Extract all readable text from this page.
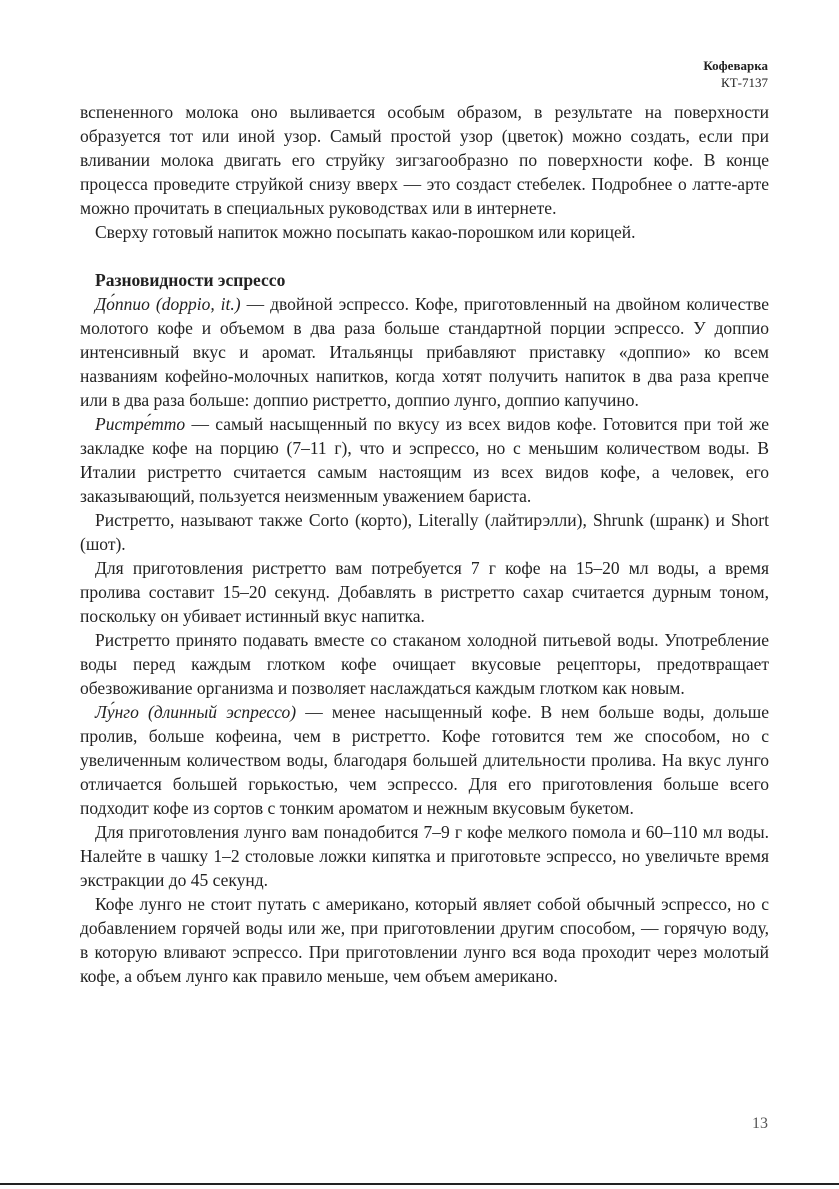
Кофеварка
КТ-7137

вспененного молока оно выливается особым образом, в результате на поверхности образуется тот или иной узор. Самый простой узор (цветок) можно создать, если при вливании молока двигать его струйку зигзагообразно по поверхности кофе. В конце процесса проведите струйкой снизу вверх — это создаст стебелек. Подробнее о латте-арте можно прочитать в специальных руководствах или в интернете.

Сверху готовый напиток можно посыпать какао-порошком или корицей.

Разновидности эспрессо

До́ппио (doppio, it.) — двойной эспрессо. Кофе, приготовленный на двойном количестве молотого кофе и объемом в два раза больше стандартной порции эспрессо. У доппио интенсивный вкус и аромат. Итальянцы прибавляют приставку «доппио» ко всем названиям кофейно-молочных напитков, когда хотят получить напиток в два раза крепче или в два раза больше: доппио ристретто, доппио лунго, доппио капучино.

Ристре́тто — самый насыщенный по вкусу из всех видов кофе. Готовится при той же закладке кофе на порцию (7–11 г), что и эспрессо, но с меньшим количеством воды. В Италии ристретто считается самым настоящим из всех видов кофе, а человек, его заказывающий, пользуется неизменным уважением бариста.

Ристретто, называют также Corto (корто), Literally (лайтирэлли), Shrunk (шранк) и Short (шот).

Для приготовления ристретто вам потребуется 7 г кофе на 15–20 мл воды, а время пролива составит 15–20 секунд. Добавлять в ристретто сахар считается дурным тоном, поскольку он убивает истинный вкус напитка.

Ристретто принято подавать вместе со стаканом холодной питьевой воды. Употребление воды перед каждым глотком кофе очищает вкусовые рецепторы, предотвращает обезвоживание организма и позволяет наслаждаться каждым глотком как новым.

Лу́нго (длинный эспрессо) — менее насыщенный кофе. В нем больше воды, дольше пролив, больше кофеина, чем в ристретто. Кофе готовится тем же способом, но с увеличенным количеством воды, благодаря большей длительности пролива. На вкус лунго отличается большей горькостью, чем эспрессо. Для его приготовления больше всего подходит кофе из сортов с тонким ароматом и нежным вкусовым букетом.

Для приготовления лунго вам понадобится 7–9 г кофе мелкого помола и 60–110 мл воды. Налейте в чашку 1–2 столовые ложки кипятка и приготовьте эспрессо, но увеличьте время экстракции до 45 секунд.

Кофе лунго не стоит путать с американо, который являет собой обычный эспрессо, но с добавлением горячей воды или же, при приготовлении другим способом, — горячую воду, в которую вливают эспрессо. При приготовлении лунго вся вода проходит через молотый кофе, а объем лунго как правило меньше, чем объем американо.

13
